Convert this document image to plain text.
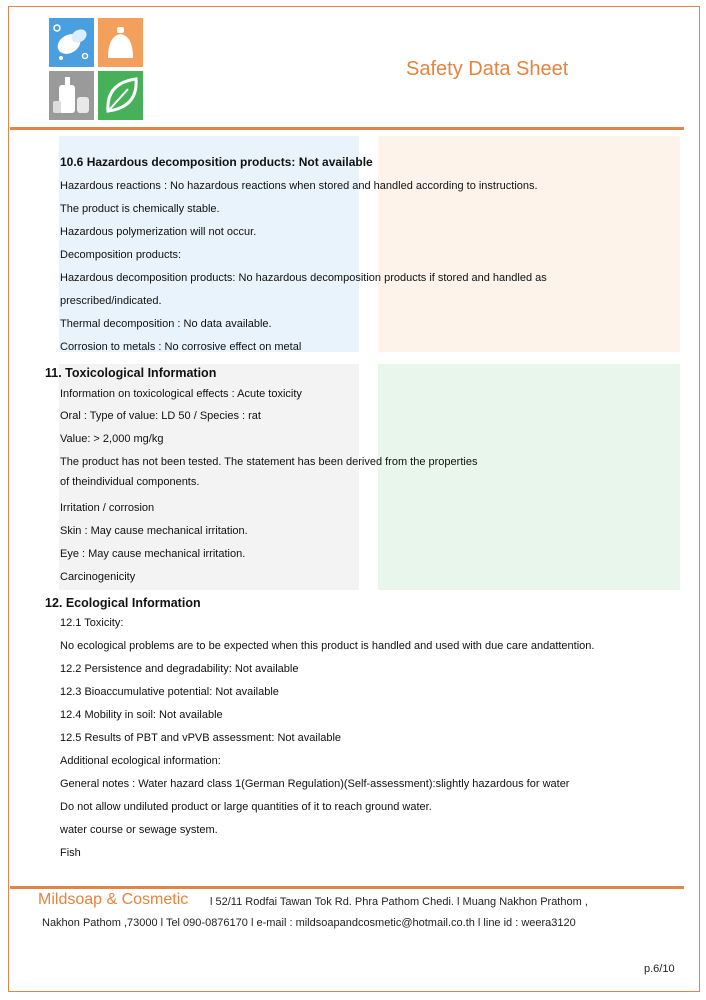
Safety Data Sheet
10.6 Hazardous decomposition products: Not available
Hazardous reactions : No hazardous reactions when stored and handled according to instructions.
The product is chemically stable.
Hazardous polymerization will not occur.
Decomposition products:
Hazardous decomposition products: No hazardous decomposition products if stored and handled as
prescribed/indicated.
Thermal decomposition : No data available.
Corrosion to metals : No corrosive effect on metal
11. Toxicological Information
Information on toxicological effects : Acute toxicity
Oral : Type of value: LD 50 / Species : rat
Value: > 2,000 mg/kg
The product has not been tested. The statement has been derived from the properties
of theindividual components.
Irritation / corrosion
Skin : May cause mechanical irritation.
Eye : May cause mechanical irritation.
Carcinogenicity
12. Ecological Information
12.1 Toxicity:
No ecological problems are to be expected when this product is handled and used with due care andattention.
12.2 Persistence and degradability: Not available
12.3 Bioaccumulative potential: Not available
12.4 Mobility in soil: Not available
12.5 Results of PBT and vPVB assessment: Not available
Additional ecological information:
General notes : Water hazard class 1(German Regulation)(Self-assessment):slightly hazardous for water
Do not allow undiluted product or large quantities of it to reach ground water.
water course or sewage system.
Fish
Mildsoap & Cosmetic l 52/11 Rodfai Tawan Tok Rd. Phra Pathom Chedi. l Muang Nakhon Prathom ,
Nakhon Pathom ,73000 l Tel 090-0876170 l e-mail : mildsoapandcosmetic@hotmail.co.th l line id : weera3120
p.6/10
